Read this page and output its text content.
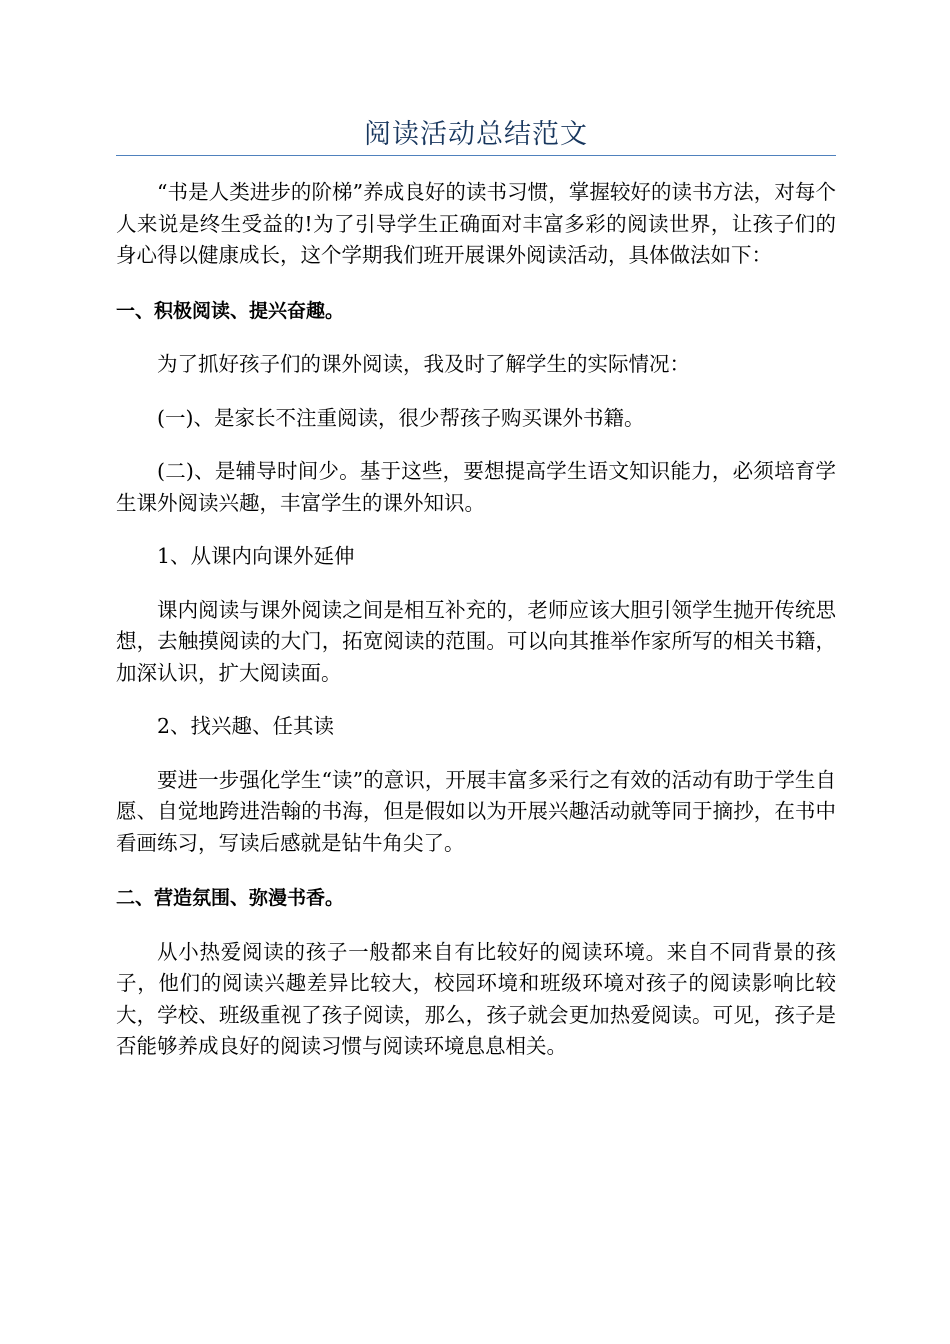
阅读活动总结范文

“书是人类进步的阶梯”养成良好的读书习惯，掌握较好的读书方法，对每个人来说是终生受益的!为了引导学生正确面对丰富多彩的阅读世界，让孩子们的身心得以健康成长，这个学期我们班开展课外阅读活动，具体做法如下：

一、积极阅读、提兴奋趣。

为了抓好孩子们的课外阅读，我及时了解学生的实际情况：

(一)、是家长不注重阅读，很少帮孩子购买课外书籍。

(二)、是辅导时间少。基于这些，要想提高学生语文知识能力，必须培育学生课外阅读兴趣，丰富学生的课外知识。

1、从课内向课外延伸

课内阅读与课外阅读之间是相互补充的，老师应该大胆引领学生抛开传统思想，去触摸阅读的大门，拓宽阅读的范围。可以向其推举作家所写的相关书籍，加深认识，扩大阅读面。

2、找兴趣、任其读

要进一步强化学生“读”的意识，开展丰富多采行之有效的活动有助于学生自愿、自觉地跨进浩翰的书海，但是假如以为开展兴趣活动就等同于摘抄，在书中看画练习，写读后感就是钻牛角尖了。

二、营造氛围、弥漫书香。

从小热爱阅读的孩子一般都来自有比较好的阅读环境。来自不同背景的孩子，他们的阅读兴趣差异比较大，校园环境和班级环境对孩子的阅读影响比较大，学校、班级重视了孩子阅读，那么，孩子就会更加热爱阅读。可见，孩子是否能够养成良好的阅读习惯与阅读环境息息相关。
